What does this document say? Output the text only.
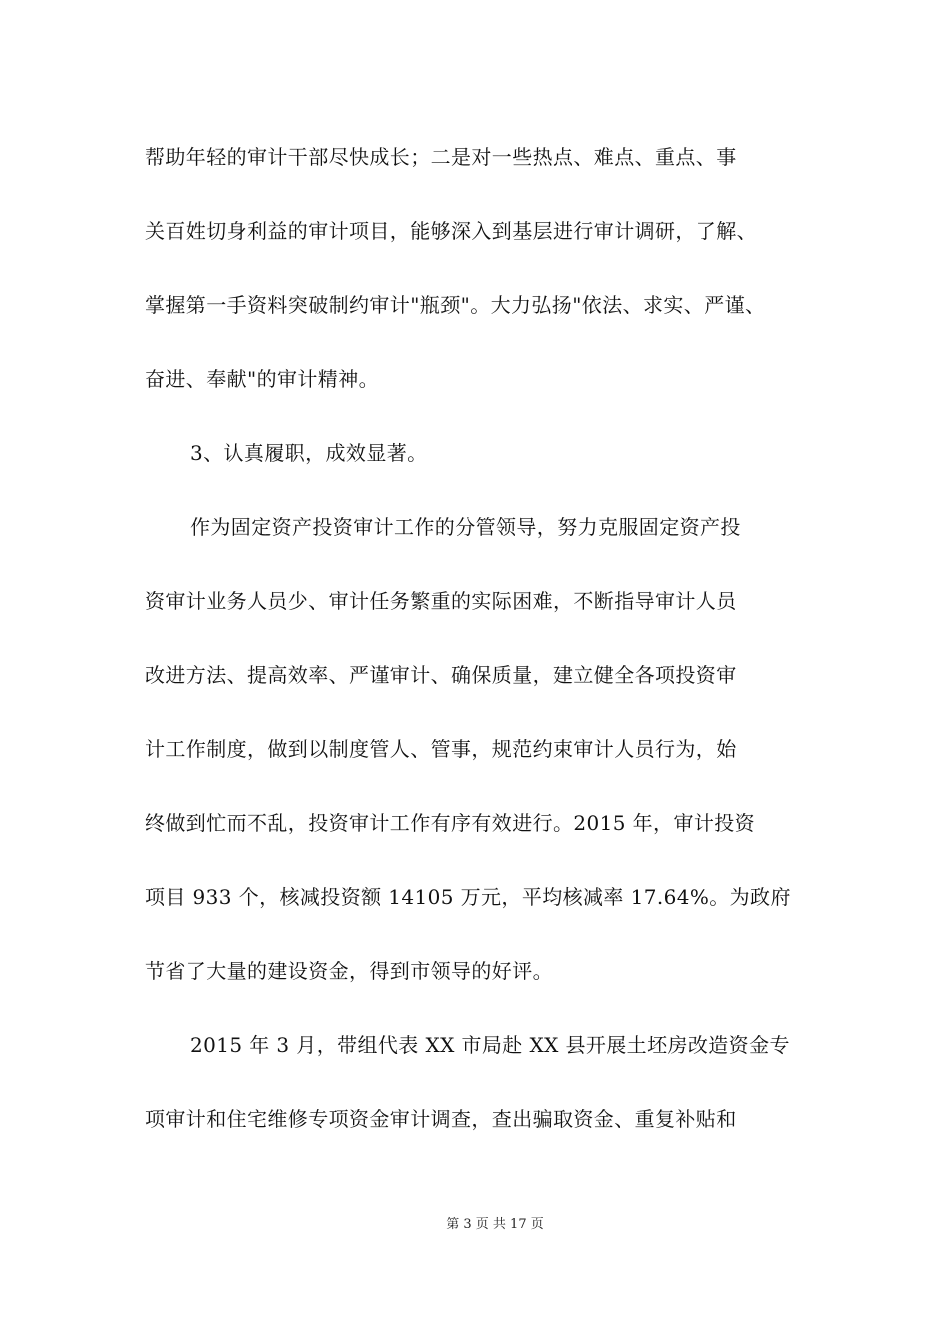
帮助年轻的审计干部尽快成长；二是对一些热点、难点、重点、事
关百姓切身利益的审计项目，能够深入到基层进行审计调研，了解、
掌握第一手资料突破制约审计"瓶颈"。大力弘扬"依法、求实、严谨、
奋进、奉献"的审计精神。
3、认真履职，成效显著。
作为固定资产投资审计工作的分管领导，努力克服固定资产投
资审计业务人员少、审计任务繁重的实际困难，不断指导审计人员
改进方法、提高效率、严谨审计、确保质量，建立健全各项投资审
计工作制度，做到以制度管人、管事，规范约束审计人员行为，始
终做到忙而不乱，投资审计工作有序有效进行。2015 年，审计投资
项目 933 个，核减投资额 14105 万元，平均核减率 17.64%。为政府
节省了大量的建设资金，得到市领导的好评。
2015 年 3 月，带组代表 XX 市局赴 XX 县开展土坯房改造资金专
项审计和住宅维修专项资金审计调查，查出骗取资金、重复补贴和
第 3 页 共 17 页
